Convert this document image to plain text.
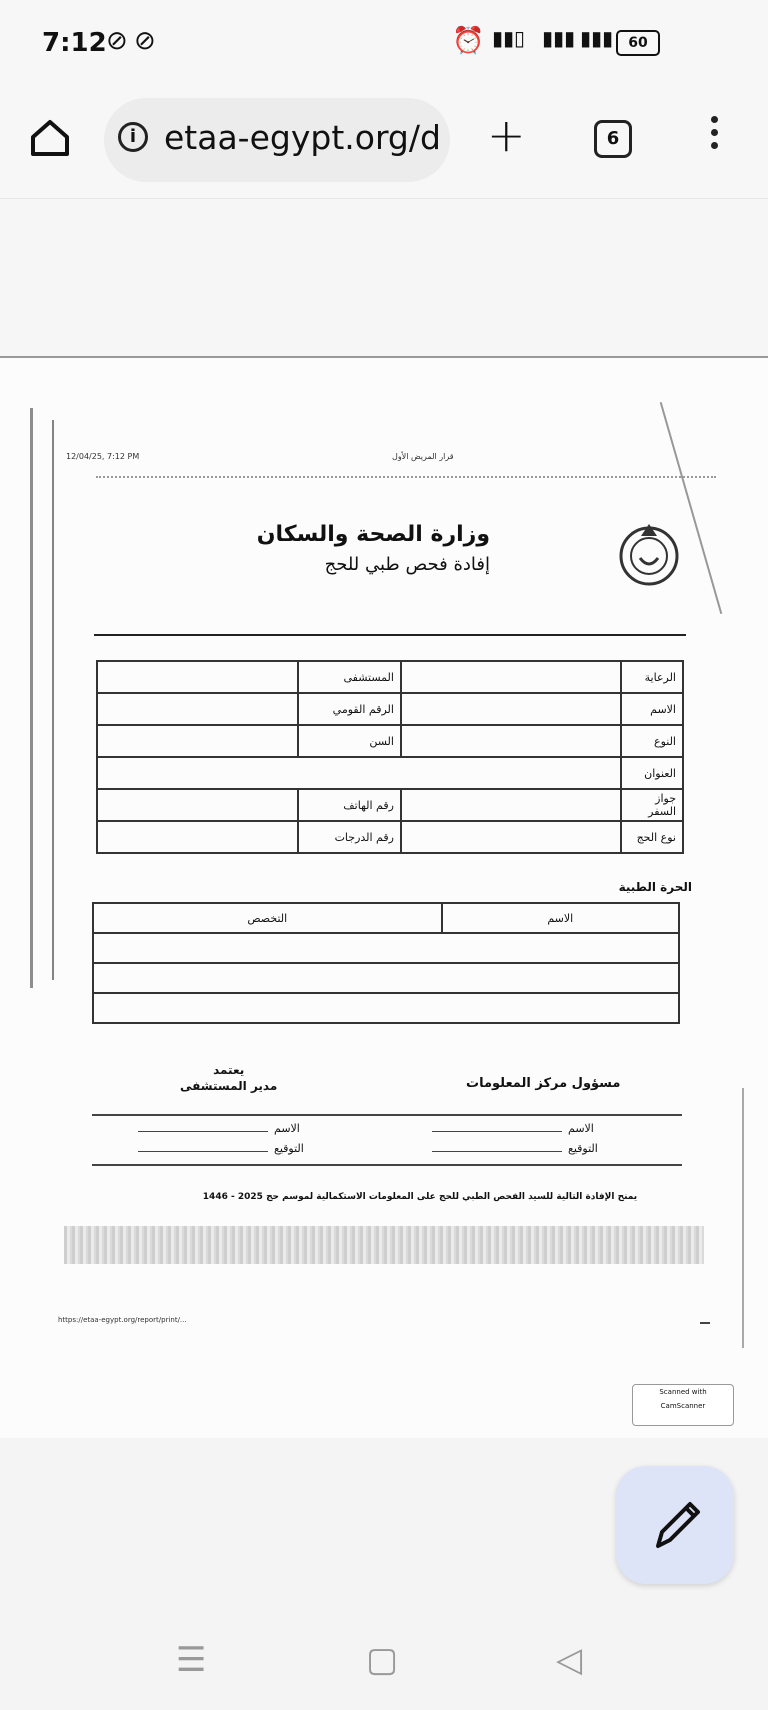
7:12 ⊘ ⊘	⏰ ▮▮▯ ▮▮▮ ▮▮▮	60
i etaa-egypt.org/d +	6
‌12/04/25, 7:12 PM	قرار المريض الأول
وزارة الصحة والسكان
إفادة فحص طبي للحج
	المستشفى		الرعاية
	الرقم القومي		الاسم
	السن		النوع
			العنوان
	رقم الهاتف		جواز السفر
	رقم الدرجات		نوع الحج
الحرة الطبية
التخصص	الاسم

يعتمد
مدير المستشفى	مسؤول مركز المعلومات
الاسم
التوقيع
الاسم
التوقيع
يمنح الإفادة التالية للسيد الفحص الطبي للحج على المعلومات الاستكمالية لموسم حج 2025 - 1446
https://etaa-egypt.org/report/print/...
Scanned with
CamScanner
☰	▢	◁
